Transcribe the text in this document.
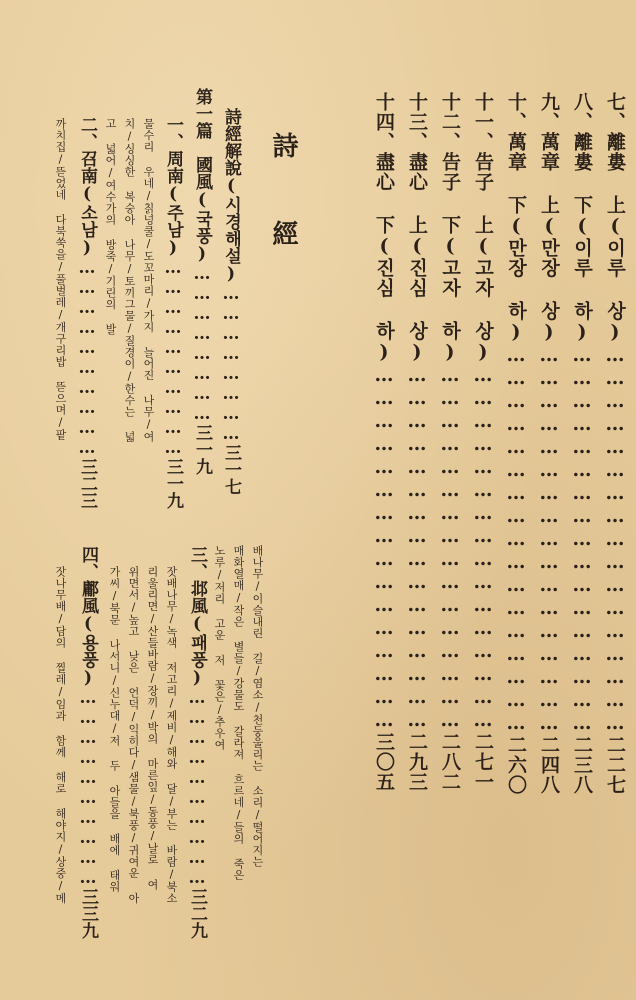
七、離婁 上(이루 상)……………………………………………二二七
八、離婁 下(이루 하)……………………………………………二三八
九、萬章 上(만장 상)……………………………………………二四八
十、萬章 下(만장 하)……………………………………………二六〇
十一、告子 上(고자 상)…………………………………………二七一
十二、告子 下(고자 하)…………………………………………二八二
十三、盡心 上(진심 상)…………………………………………二九三
十四、盡心 下(진심 하)…………………………………………三〇五
詩　經
詩經解說(시경해설)……………………三一七
第一篇　國風(국풍)……………………三一九
一、周南(주남)…………………………三一九
물수리 우네/칡넝쿨/도꼬마리/가지 늘어진 나무/여
치/싱싱한 복숭아 나무/토끼그물/질경이/한수는 넓
고 넓어/여수가의 방죽/기린의 발
二、召南(소남)…………………………三二三
까치집/뜯었네 다북쑥을/풀벌레/개구리밥 뜯으며/팥
배나무/이슬내린 길/염소/천둥울리는 소리/떨어지는
매화열매/작은 별들/강물도 갈라져 흐르네/들의 죽은
노루/저리 고운 저 꽃은/추우여
三、邶風(패풍)…………………………三二九
잣배나무/녹색 저고리/제비/해와 달/부는 바람/북소
리울리면/산들바람/장끼/박의 마른잎/동풍/날로 여
위면서/높고 낮은 언덕/익히다/샘물/북풍/귀여운 아
가씨/북문 나서니/신누대/저 두 아들을 배에 태워
四、鄘風(용풍)…………………………三三九
잣나무배/담의 찔레/임과 함께 해로 해야지/상중/메
